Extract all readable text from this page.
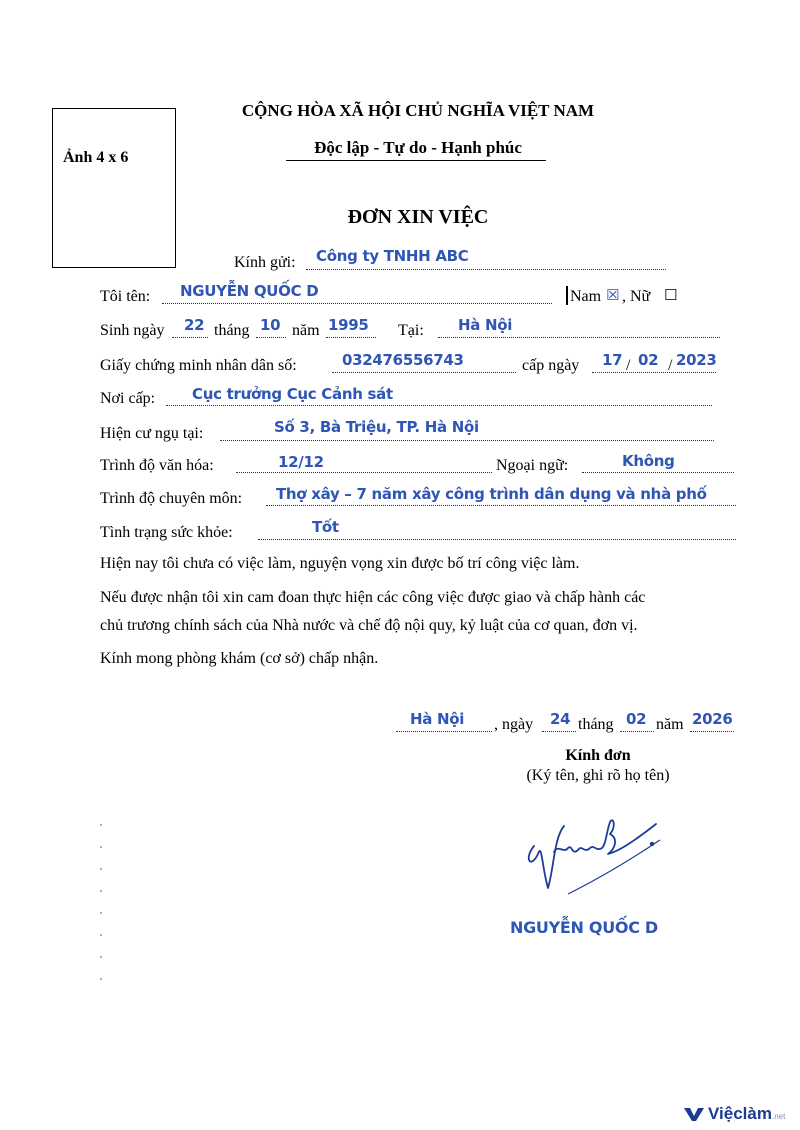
Ảnh 4 x 6
CỘNG HÒA XÃ HỘI CHỦ NGHĨA VIỆT NAM
Độc lập - Tự do - Hạnh phúc
ĐƠN XIN VIỆC
Kính gửi: Công ty TNHH ABC
Tôi tên: NGUYỄN QUỐC D	Nam ☒ , Nữ ☐
Sinh ngày 22 tháng 10 năm 1995 Tại: Hà Nội
Giấy chứng minh nhân dân số:	032476556743	cấp ngày 17 / 02 / 2023
Nơi cấp: Cục trưởng Cục Cảnh sát
Hiện cư ngụ tại:	Số 3, Bà Triệu, TP. Hà Nội
Trình độ văn hóa:	12/12	Ngoại ngữ:	Không
Trình độ chuyên môn: Thợ xây – 7 năm xây công trình dân dụng và nhà phố
Tình trạng sức khỏe:	Tốt
Hiện nay tôi chưa có việc làm, nguyện vọng xin được bố trí công việc làm.
Nếu được nhận tôi xin cam đoan thực hiện các công việc được giao và chấp hành các
chủ trương chính sách của Nhà nước và chế độ nội quy, kỷ luật của cơ quan, đơn vị.
Kính mong phòng khám (cơ sở) chấp nhận.
Hà Nội , ngày 24 tháng 02 năm 2026
Kính đơn
(Ký tên, ghi rõ họ tên)
NGUYỄN QUỐC D
Việclàm.net
